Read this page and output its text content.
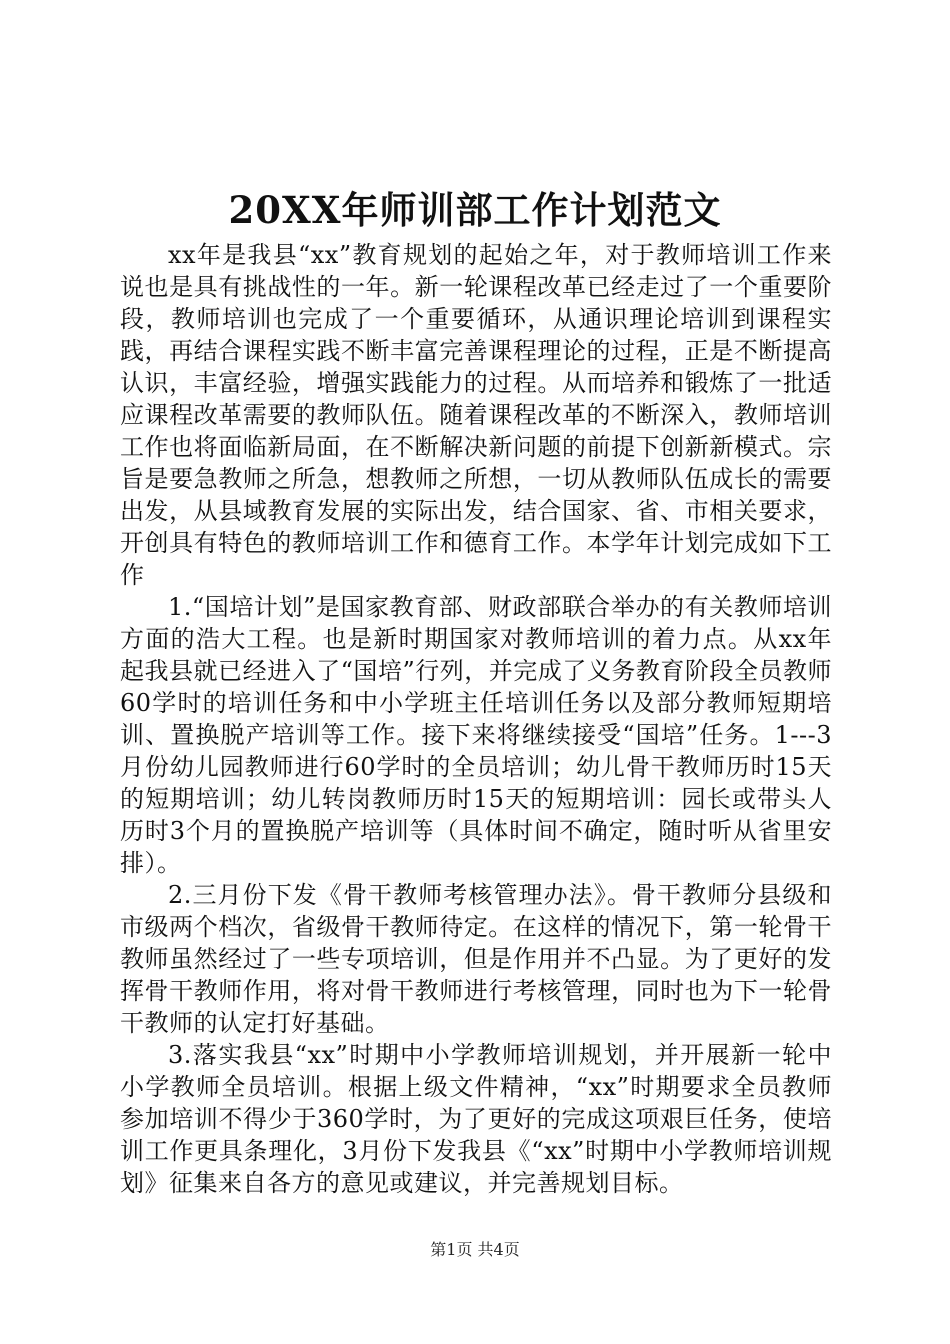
20XX年师训部工作计划范文

xx年是我县“xx”教育规划的起始之年，对于教师培训工作来说也是具有挑战性的一年。新一轮课程改革已经走过了一个重要阶段，教师培训也完成了一个重要循环，从通识理论培训到课程实践，再结合课程实践不断丰富完善课程理论的过程，正是不断提高认识，丰富经验，增强实践能力的过程。从而培养和锻炼了一批适应课程改革需要的教师队伍。随着课程改革的不断深入，教师培训工作也将面临新局面，在不断解决新问题的前提下创新新模式。宗旨是要急教师之所急，想教师之所想，一切从教师队伍成长的需要出发，从县域教育发展的实际出发，结合国家、省、市相关要求，开创具有特色的教师培训工作和德育工作。本学年计划完成如下工作

1.“国培计划”是国家教育部、财政部联合举办的有关教师培训方面的浩大工程。也是新时期国家对教师培训的着力点。从xx年起我县就已经进入了“国培”行列，并完成了义务教育阶段全员教师60学时的培训任务和中小学班主任培训任务以及部分教师短期培训、置换脱产培训等工作。接下来将继续接受“国培”任务。1---3月份幼儿园教师进行60学时的全员培训；幼儿骨干教师历时15天的短期培训；幼儿转岗教师历时15天的短期培训：园长或带头人历时3个月的置换脱产培训等（具体时间不确定，随时听从省里安排）。

2.三月份下发《骨干教师考核管理办法》。骨干教师分县级和市级两个档次，省级骨干教师待定。在这样的情况下，第一轮骨干教师虽然经过了一些专项培训，但是作用并不凸显。为了更好的发挥骨干教师作用，将对骨干教师进行考核管理，同时也为下一轮骨干教师的认定打好基础。

3.落实我县“xx”时期中小学教师培训规划，并开展新一轮中小学教师全员培训。根据上级文件精神，“xx”时期要求全员教师参加培训不得少于360学时，为了更好的完成这项艰巨任务，使培训工作更具条理化，3月份下发我县《“xx”时期中小学教师培训规划》征集来自各方的意见或建议，并完善规划目标。

第1页 共4页
